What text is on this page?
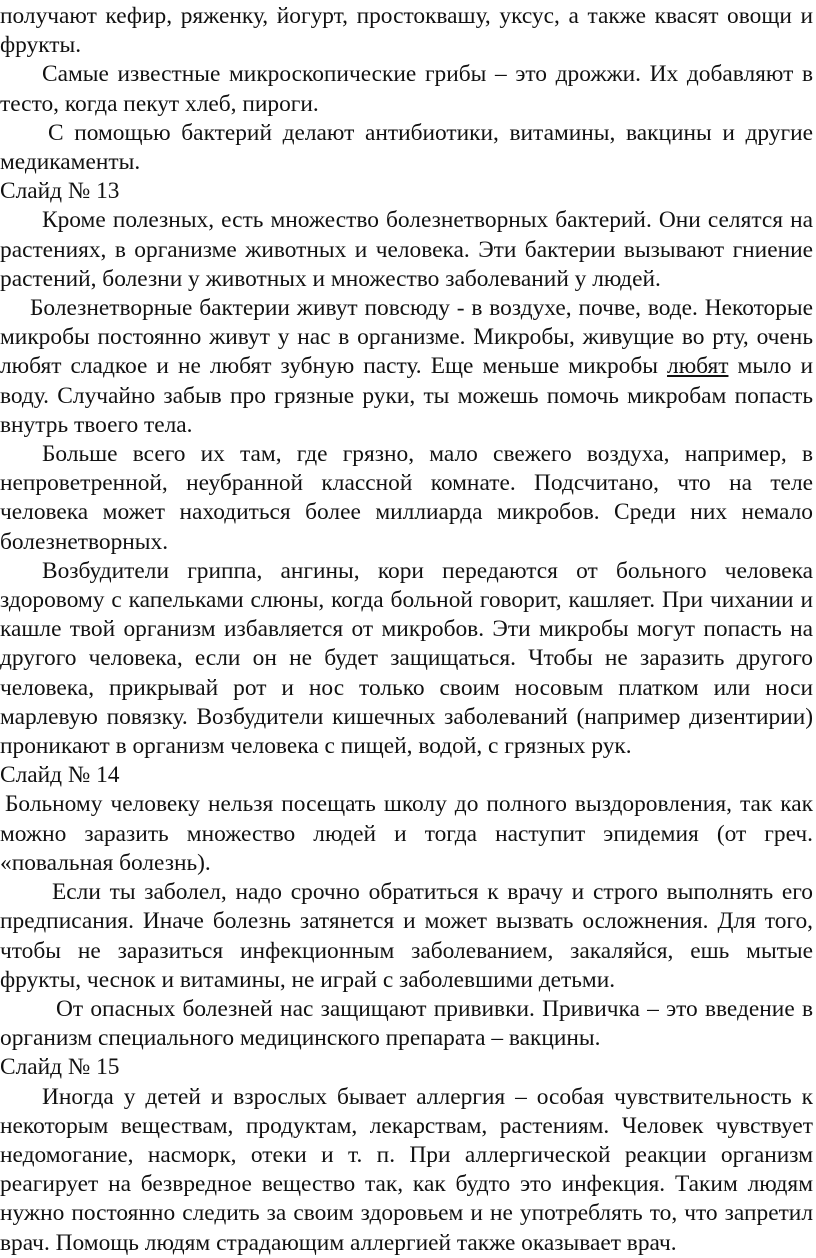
получают кефир, ряженку, йогурт, простоквашу, уксус, а также квасят овощи и фрукты.

Самые известные микроскопические грибы – это дрожжи. Их добавляют в тесто, когда пекут хлеб, пироги.

С помощью бактерий делают антибиотики, витамины, вакцины и другие медикаменты.

Слайд № 13

Кроме полезных, есть множество болезнетворных бактерий. Они селятся на растениях, в организме животных и человека. Эти бактерии вызывают гниение растений, болезни у животных и множество заболеваний у людей.

Болезнетворные бактерии живут повсюду - в воздухе, почве, воде. Некоторые микробы постоянно живут у нас в организме. Микробы, живущие во рту, очень любят сладкое и не любят зубную пасту. Еще меньше микробы любят мыло и воду. Случайно забыв про грязные руки, ты можешь помочь микробам попасть внутрь твоего тела.

Больше всего их там, где грязно, мало свежего воздуха, например, в непроветренной, неубранной классной комнате. Подсчитано, что на теле человека может находиться более миллиарда микробов. Среди них немало болезнетворных.

Возбудители гриппа, ангины, кори передаются от больного человека здоровому с капельками слюны, когда больной говорит, кашляет. При чихании и кашле твой организм избавляется от микробов. Эти микробы могут попасть на другого человека, если он не будет защищаться. Чтобы не заразить другого человека, прикрывай рот и нос только своим носовым платком или носи марлевую повязку. Возбудители кишечных заболеваний (например дизентирии) проникают в организм человека с пищей, водой, с грязных рук.

Слайд № 14

Больному человеку нельзя посещать школу до полного выздоровления, так как можно заразить множество людей и тогда наступит эпидемия (от греч. «повальная болезнь).

Если ты заболел, надо срочно обратиться к врачу и строго выполнять его предписания. Иначе болезнь затянется и может вызвать осложнения. Для того, чтобы не заразиться инфекционным заболеванием, закаляйся, ешь мытые фрукты, чеснок и витамины, не играй с заболевшими детьми.

От опасных болезней нас защищают прививки. Привичка – это введение в организм специального медицинского препарата – вакцины.

Слайд № 15

Иногда у детей и взрослых бывает аллергия – особая чувствительность к некоторым веществам, продуктам, лекарствам, растениям. Человек чувствует недомогание, насморк, отеки и т. п. При аллергической реакции организм реагирует на безвредное вещество так, как будто это инфекция. Таким людям нужно постоянно следить за своим здоровьем и не употреблять то, что запретил врач. Помощь людям страдающим аллергией также оказывает врач.
